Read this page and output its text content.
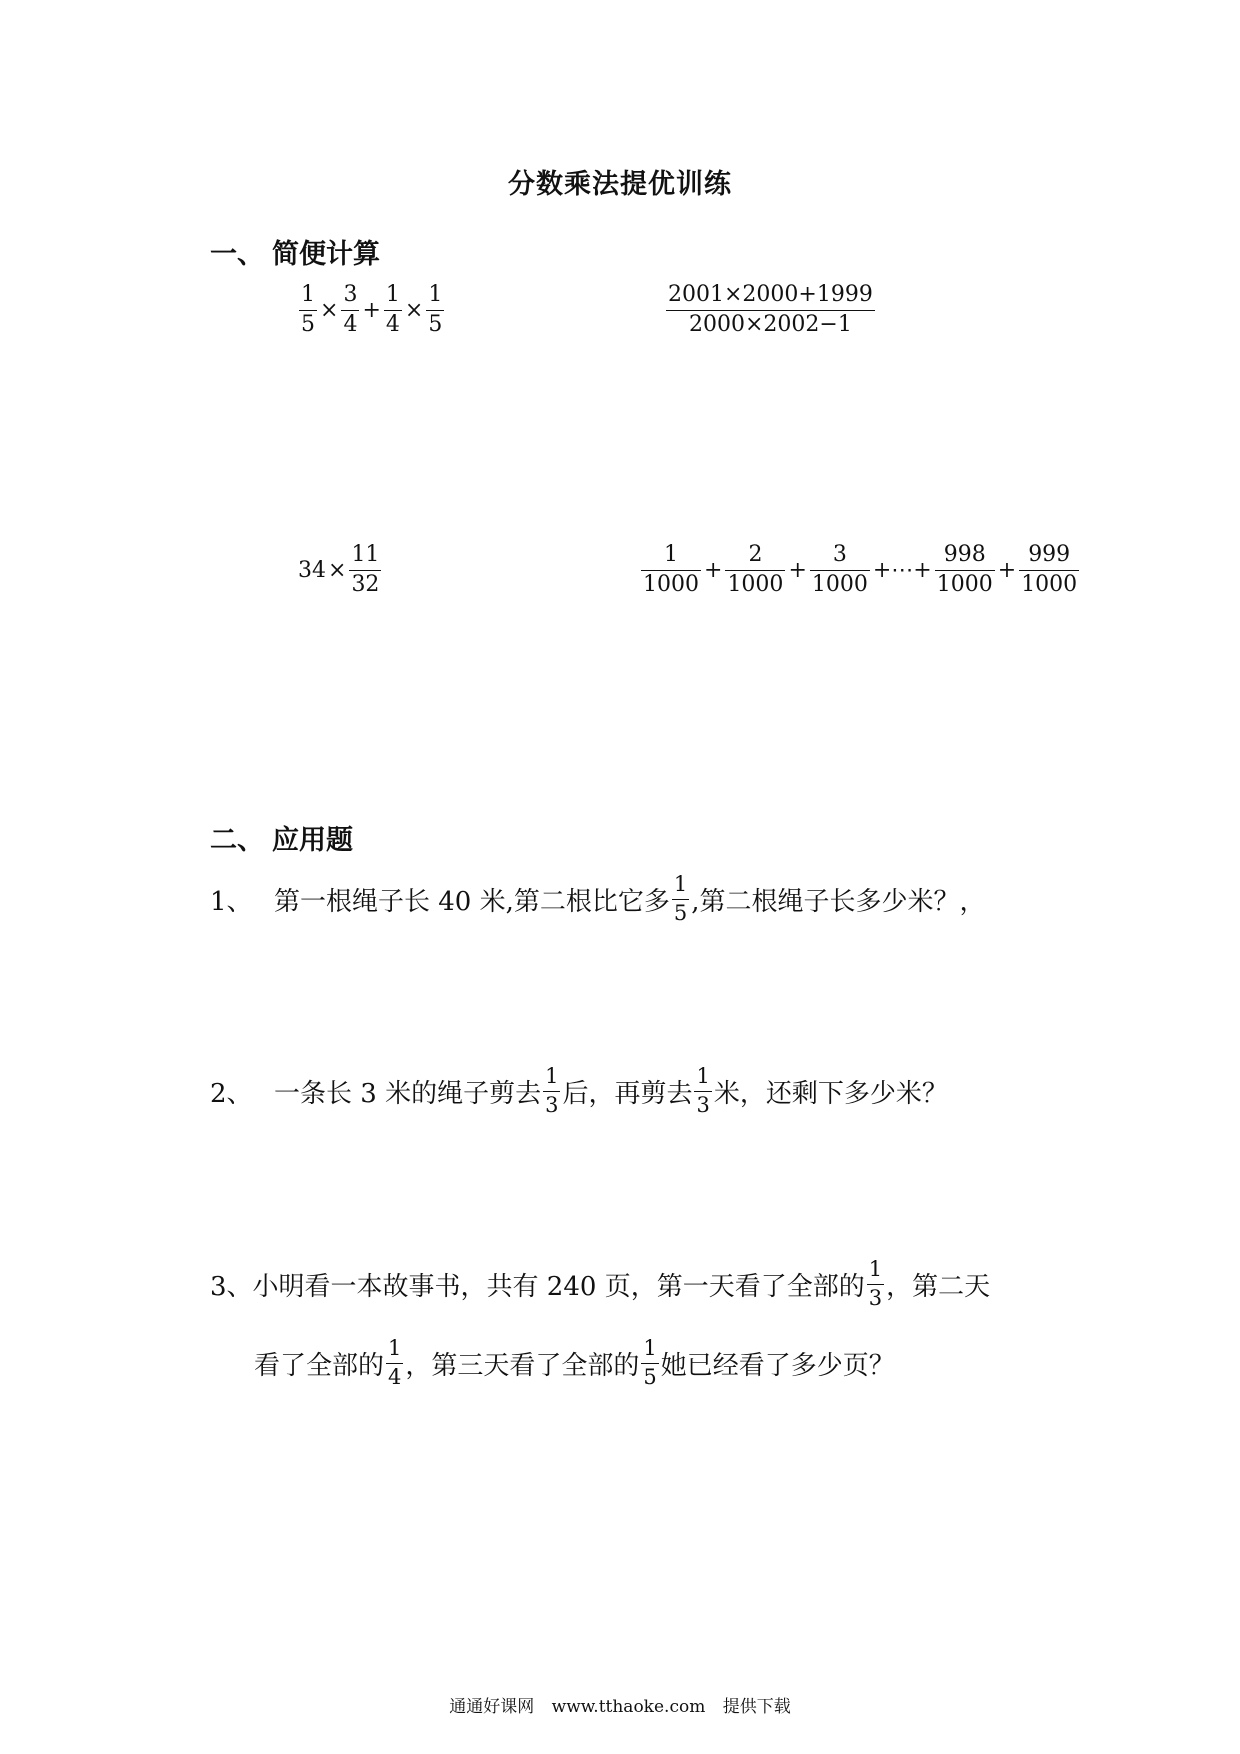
分数乘法提优训练
一、 简便计算
$\frac{1}{5} \times \frac{3}{4} + \frac{1}{4} \times \frac{1}{5}$	$\frac{2001\times 2000+1999}{2000\times 2002-1}$
$34 \times \frac{11}{32}$	$\frac{1}{1000} + \frac{2}{1000} + \frac{3}{1000}$ +⋯+ $\frac{998}{1000} + \frac{999}{1000}$
二、 应用题
1、 第一根绳子长 40 米,第二根比它多 $\frac{1}{5}$ ,第二根绳子长多少米？，
2、 一条长 3 米的绳子剪去 $\frac{1}{3}$ 后，再剪去 $\frac{1}{3}$ 米，还剩下多少米？
3、 小明看一本故事书，共有 240 页，第一天看了全部的 $\frac{1}{3}$ ，第二天
看了全部的 $\frac{1}{4}$ ，第三天看了全部的 $\frac{1}{5}$ 她已经看了多少页？
通通好课网 www.tthaoke.com 提供下载
